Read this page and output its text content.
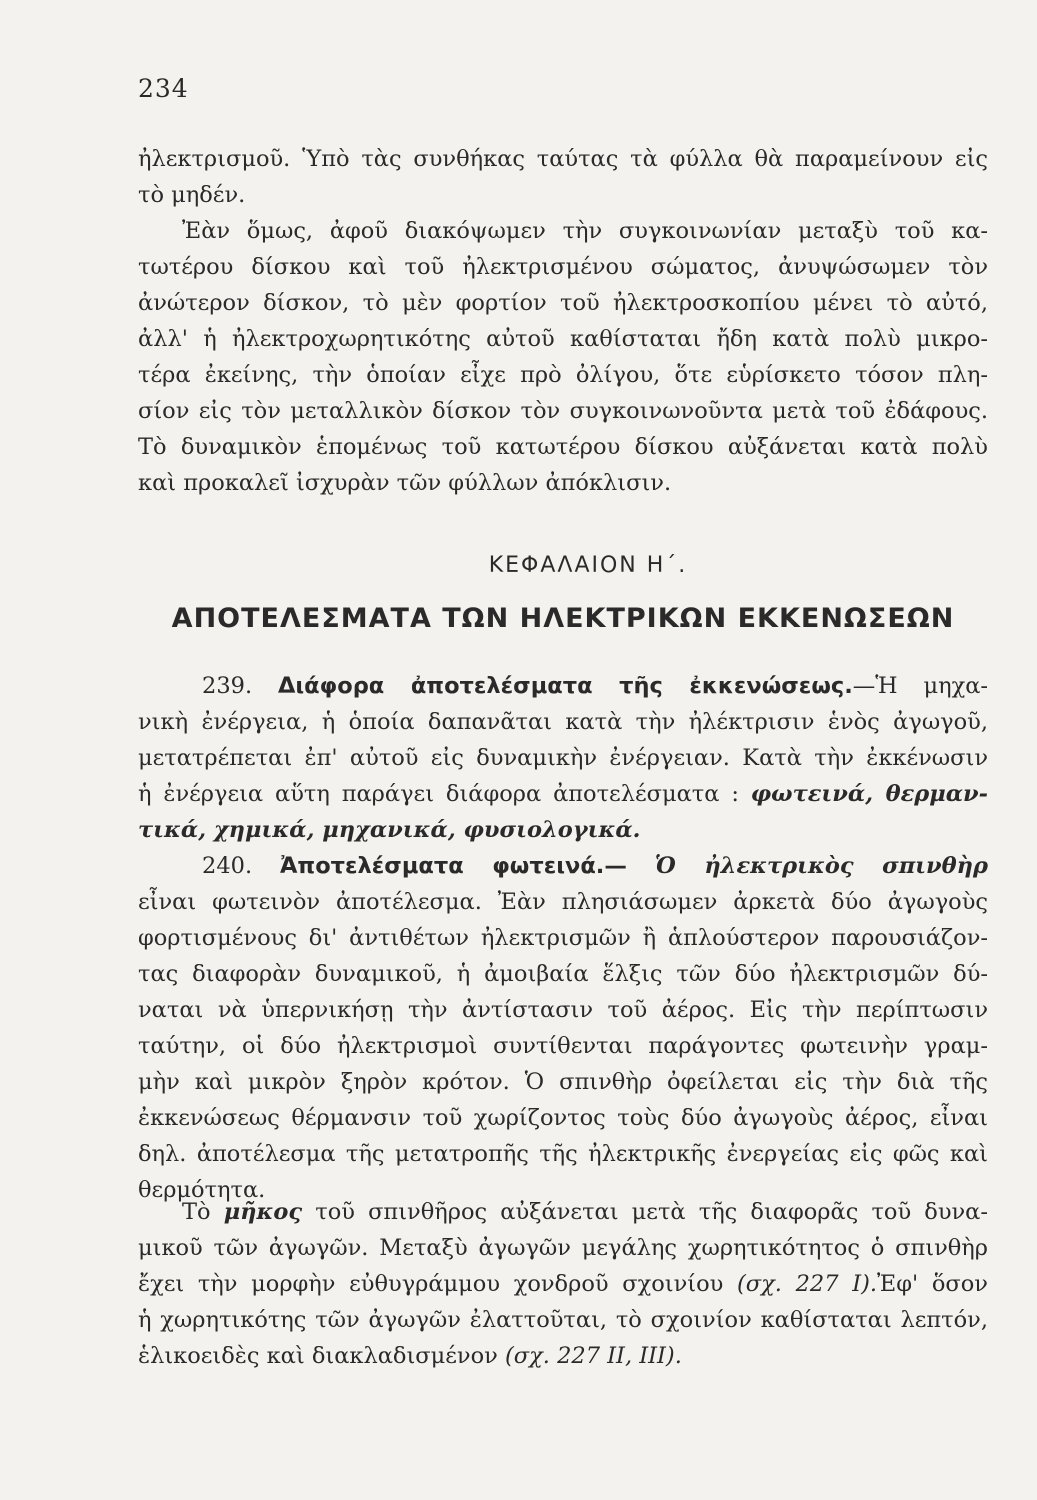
234
ἠλεκτρισμοῦ. Ὑπὸ τὰς συνθήκας ταύτας τὰ φύλλα θὰ παραμείνουν εἰς
τὸ μηδέν.
Ἐὰν ὅμως, ἀφοῦ διακόψωμεν τὴν συγκοινωνίαν μεταξὺ τοῦ κα-
τωτέρου δίσκου καὶ τοῦ ἠλεκτρισμένου σώματος, ἀνυψώσωμεν τὸν
ἀνώτερον δίσκον, τὸ μὲν φορτίον τοῦ ἠλεκτροσκοπίου μένει τὸ αὐτό,
ἀλλ' ἡ ἠλεκτροχωρητικότης αὐτοῦ καθίσταται ἤδη κατὰ πολὺ μικρο-
τέρα ἐκείνης, τὴν ὁποίαν εἶχε πρὸ ὀλίγου, ὅτε εὑρίσκετο τόσον πλη-
σίον εἰς τὸν μεταλλικὸν δίσκον τὸν συγκοινωνοῦντα μετὰ τοῦ ἐδάφους.
Τὸ δυναμικὸν ἑπομένως τοῦ κατωτέρου δίσκου αὐξάνεται κατὰ πολὺ
καὶ προκαλεῖ ἰσχυρὰν τῶν φύλλων ἀπόκλισιν.
ΚΕΦΑΛΑΙΟΝ Η΄.
ΑΠΟΤΕΛΕΣΜΑΤΑ ΤΩΝ ΗΛΕΚΤΡΙΚΩΝ ΕΚΚΕΝΩΣΕΩΝ
239. Διάφορα ἀποτελέσματα τῆς ἐκκενώσεως.—Ἡ μηχα-
νικὴ ἐνέργεια, ἡ ὁποία δαπανᾶται κατὰ τὴν ἠλέκτρισιν ἑνὸς ἀγωγοῦ,
μετατρέπεται ἐπ' αὐτοῦ εἰς δυναμικὴν ἐνέργειαν. Κατὰ τὴν ἐκκένωσιν
ἡ ἐνέργεια αὕτη παράγει διάφορα ἀποτελέσματα : φωτεινά, θερμαν-
τικά, χημικά, μηχανικά, φυσιολογικά.
240. Ἀποτελέσματα φωτεινά.— Ὁ ἠλεκτρικὸς σπινθὴρ
εἶναι φωτεινὸν ἀποτέλεσμα. Ἐὰν πλησιάσωμεν ἀρκετὰ δύο ἀγωγοὺς
φορτισμένους δι' ἀντιθέτων ἠλεκτρισμῶν ἢ ἁπλούστερον παρουσιάζον-
τας διαφορὰν δυναμικοῦ, ἡ ἀμοιβαία ἕλξις τῶν δύο ἠλεκτρισμῶν δύ-
ναται νὰ ὑπερνικήσῃ τὴν ἀντίστασιν τοῦ ἀέρος. Εἰς τὴν περίπτωσιν
ταύτην, οἱ δύο ἠλεκτρισμοὶ συντίθενται παράγοντες φωτεινὴν γραμ-
μὴν καὶ μικρὸν ξηρὸν κρότον. Ὁ σπινθὴρ ὀφείλεται εἰς τὴν διὰ τῆς
ἐκκενώσεως θέρμανσιν τοῦ χωρίζοντος τοὺς δύο ἀγωγοὺς ἀέρος, εἶναι
δηλ. ἀποτέλεσμα τῆς μετατροπῆς τῆς ἠλεκτρικῆς ἐνεργείας εἰς φῶς καὶ
θερμότητα.
Τὸ μῆκος τοῦ σπινθῆρος αὐξάνεται μετὰ τῆς διαφορᾶς τοῦ δυνα-
μικοῦ τῶν ἀγωγῶν. Μεταξὺ ἀγωγῶν μεγάλης χωρητικότητος ὁ σπινθὴρ
ἔχει τὴν μορφὴν εὐθυγράμμου χονδροῦ σχοινίου (σχ. 227 Ι).Ἐφ' ὅσον
ἡ χωρητικότης τῶν ἀγωγῶν ἐλαττοῦται, τὸ σχοινίον καθίσταται λεπτόν,
ἑλικοειδὲς καὶ διακλαδισμένον (σχ. 227 ΙΙ, ΙΙΙ).
